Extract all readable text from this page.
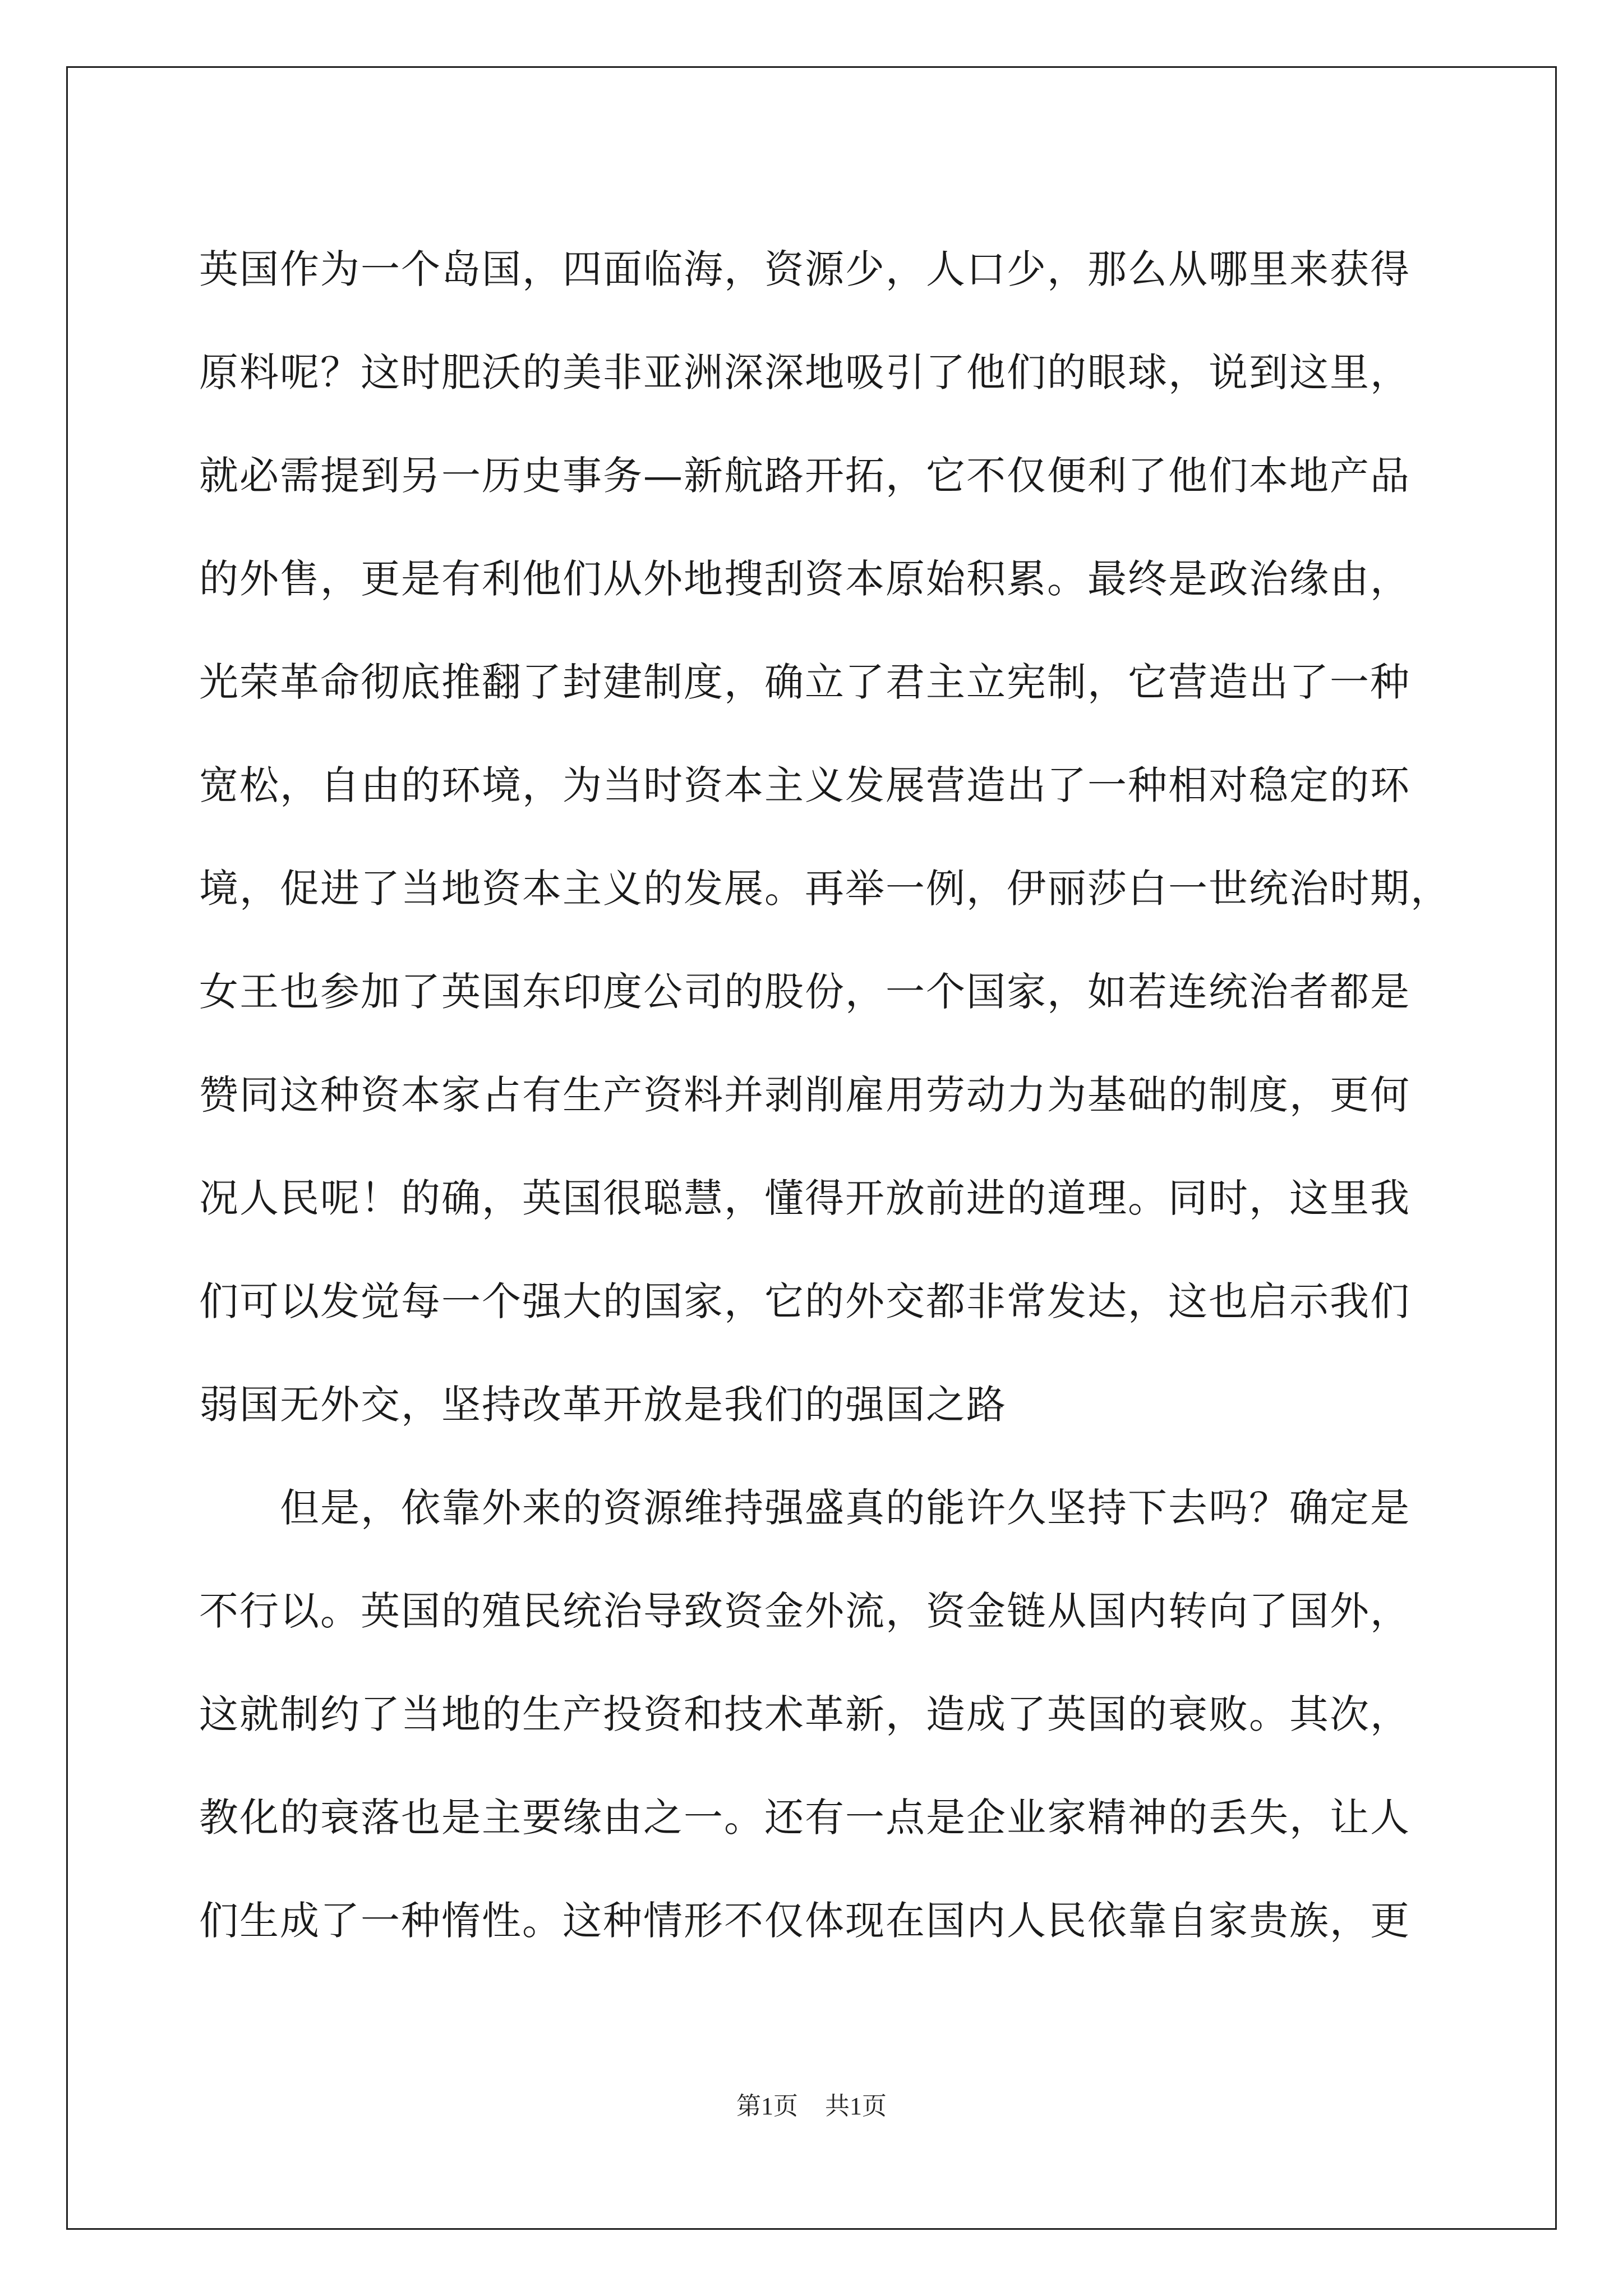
英国作为一个岛国，四面临海，资源少，人口少，那么从哪里来获得
原料呢？这时肥沃的美非亚洲深深地吸引了他们的眼球，说到这里，
就必需提到另一历史事务—新航路开拓，它不仅便利了他们本地产品
的外售，更是有利他们从外地搜刮资本原始积累。最终是政治缘由，
光荣革命彻底推翻了封建制度，确立了君主立宪制，它营造出了一种
宽松，自由的环境，为当时资本主义发展营造出了一种相对稳定的环
境，促进了当地资本主义的发展。再举一例，伊丽莎白一世统治时期，
女王也参加了英国东印度公司的股份，一个国家，如若连统治者都是
赞同这种资本家占有生产资料并剥削雇用劳动力为基础的制度，更何
况人民呢！的确，英国很聪慧，懂得开放前进的道理。同时，这里我
们可以发觉每一个强大的国家，它的外交都非常发达，这也启示我们
弱国无外交，坚持改革开放是我们的强国之路
　　但是，依靠外来的资源维持强盛真的能许久坚持下去吗？确定是
不行以。英国的殖民统治导致资金外流，资金链从国内转向了国外，
这就制约了当地的生产投资和技术革新，造成了英国的衰败。其次，
教化的衰落也是主要缘由之一。还有一点是企业家精神的丢失，让人
们生成了一种惰性。这种情形不仅体现在国内人民依靠自家贵族，更
第1页 共1页
